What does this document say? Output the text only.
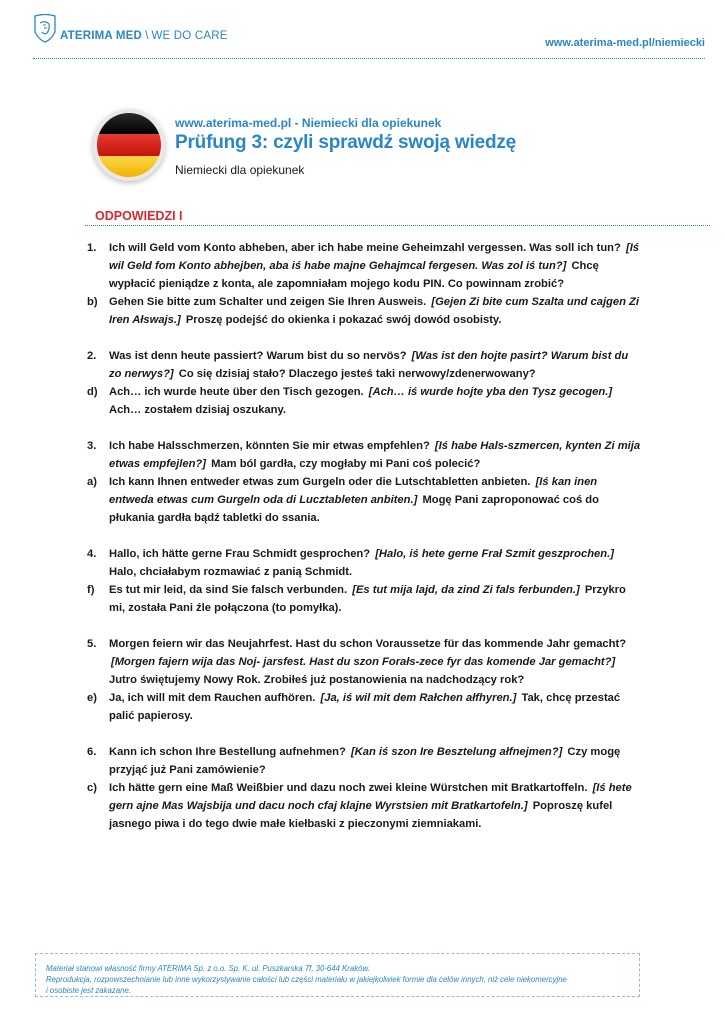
ATERIMA MED \ WE DO CARE
www.aterima-med.pl/niemiecki
www.aterima-med.pl - Niemiecki dla opiekunek
Prüfung 3: czyli sprawdź swoją wiedzę
Niemiecki dla opiekunek
ODPOWIEDZI I
1.	Ich will Geld vom Konto abheben, aber ich habe meine Geheimzahl vergessen. Was soll ich tun? [Iś wil Geld fom Konto abhejben, aba iś habe majne Gehajmcal fergesen. Was zol iś tun?] Chcę wypłacić pieniądze z konta, ale zapomniałam mojego kodu PIN. Co powinnam zrobić?
b)	Gehen Sie bitte zum Schalter und zeigen Sie Ihren Ausweis. [Gejen Zi bite cum Szalta und cajgen Zi Iren Ałswajs.] Proszę podejść do okienka i pokazać swój dowód osobisty.
2.	Was ist denn heute passiert? Warum bist du so nervös? [Was ist den hojte pasirt? Warum bist du zo nerwys?] Co się dzisiaj stało? Dlaczego jesteś taki nerwowy/zdenerwowany?
d)	Ach… ich wurde heute über den Tisch gezogen. [Ach… iś wurde hojte yba den Tysz gecogen.] Ach… zostałem dzisiaj oszukany.
3.	Ich habe Halsschmerzen, könnten Sie mir etwas empfehlen? [Iś habe Hals-szmercen, kynten Zi mija etwas empfejlen?] Mam ból gardła, czy mogłaby mi Pani coś polecić?
a)	Ich kann Ihnen entweder etwas zum Gurgeln oder die Lutschtabletten anbieten. [Iś kan inen entweda etwas cum Gurgeln oda di Lucztableten anbiten.] Mogę Pani zaproponować coś do płukania gardła bądź tabletki do ssania.
4.	Hallo, ich hätte gerne Frau Schmidt gesprochen? [Halo, iś hete gerne Frał Szmit geszprochen.] Halo, chciałabym rozmawiać z panią Schmidt.
f)	Es tut mir leid, da sind Sie falsch verbunden. [Es tut mija lajd, da zind Zi fals ferbunden.] Przykro mi, została Pani źle połączona (to pomyłka).
5.	Morgen feiern wir das Neujahrfest. Hast du schon Voraussetze für das kommende Jahr gemacht? [Morgen fajern wija das Noj- jarsfest. Hast du szon Forałs-zece fyr das komende Jar gemacht?] Jutro świętujemy Nowy Rok. Zrobiłeś już postanowienia na nadchodzący rok?
e)	Ja, ich will mit dem Rauchen aufhören. [Ja, iś wil mit dem Rałchen ałfhyren.] Tak, chcę przestać palić papierosy.
6.	Kann ich schon Ihre Bestellung aufnehmen? [Kan iś szon Ire Besztelung ałfnejmen?] Czy mogę przyjąć już Pani zamówienie?
c)	Ich hätte gern eine Maß Weißbier und dazu noch zwei kleine Würstchen mit Bratkartoffeln. [Iś hete gern ajne Mas Wajsbija und dacu noch cfaj klajne Wyrstsien mit Bratkartofeln.] Poproszę kufel jasnego piwa i do tego dwie małe kiełbaski z pieczonymi ziemniakami.

Materiał stanowi własność firmy ATERIMA Sp. z o.o. Sp. K. ul. Puszkarska 7f, 30-644 Kraków.

Reprodukcja, rozpowszechnianie lub inne wykorzystywanie całości lub części materiału w jakiejkolwiek formie dla celów innych, niż cele niekomercyjne

i osobiste jest zakazane.
